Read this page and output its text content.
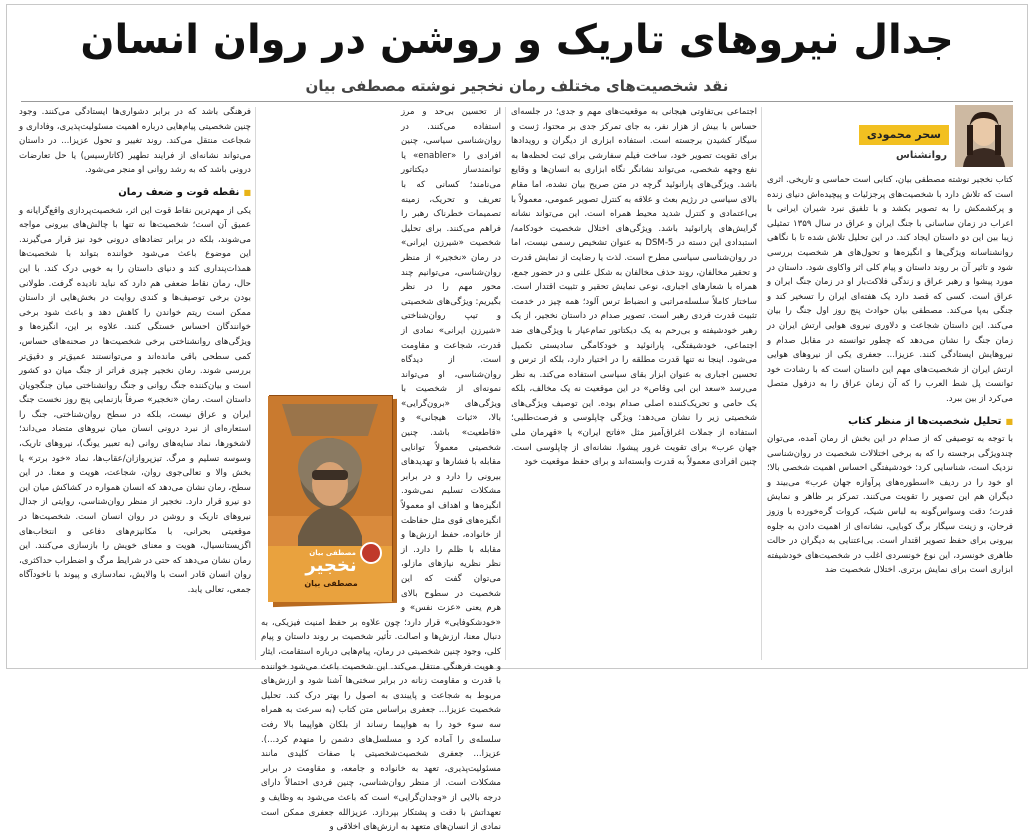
جدال نیروهای تاریک و روشن در روان انسان
نقد شخصیت‌های مختلف رمان نخجیر نوشته مصطفی بیان
سحر محمودی
روانشناس

کتاب نخجیر نوشته مصطفی بیان، کتابی است حماسی و تاریخی. اثری است که تلاش دارد با شخصیت‌های پرجزئیات و پیچیده‌اش دنیای زنده و پرکشمکش را به تصویر بکشد و با تلفیق نبرد شیران ایرانی با اعراب در زمان ساسانی با جنگ ایران و عراق در سال ۱۳۵۹ تمثیلی زیبا بین این دو داستان ایجاد کند. در این تحلیل تلاش شده تا با نگاهی روانشناسانه ویژگی‌ها و انگیزه‌ها و تحول‌های هر شخصیت بررسی شود و تاثیر آن بر روند داستان و پیام کلی اثر واکاوی شود. داستان در مورد پیشوا و رهبر عراق و زندگی فلاکت‌بار او در زمان جنگ ایران و عراق است. کسی که قصد دارد یک هفته‌ای ایران را تسخیر کند و جنگی به‌پا می‌کند. مصطفی بیان حوادث پنج روز اول جنگ را بیان می‌کند. این داستان شجاعت و دلاوری نیروی هوایی ارتش ایران در زمان جنگ را نشان می‌دهد که چطور توانسته در مقابل صدام و نیروهایش ایستادگی کنند. عزیزا... جعفری یکی از نیروهای هوایی ارتش ایران از شخصیت‌های مهم این داستان است که با رشادت خود توانست پل شط العرب را که آن زمان عراق را به دزفول متصل می‌کرد از بین ببرد.

■ تحلیل شخصیت‌ها از منظر کتاب

با توجه به توصیفی که از صدام در این بخش از رمان آمده، می‌توان چندویژگی برجسته را که به برخی اختلالات شخصیت در روان‌شناسی نزدیک است، شناسایی کرد: خودشیفتگی احساس اهمیت شخصی بالا؛ او خود را در ردیف «اسطوره‌های پرآوازه جهان عرب» می‌بیند و دیگران هم این تصویر را تقویت می‌کنند. تمرکز بر ظاهر و نمایش قدرت؛ دقت وسواس‌گونه به لباس شیک، کروات گره‌خورده با وزوز فرحان، و زینت سیگار برگ کوبایی، نشانه‌ای از اهمیت دادن به جلوه بیرونی برای حفظ تصویر اقتدار است. بی‌اعتنایی به دیگران در حالت ظاهری خونسرد، این نوع خونسردی اغلب در شخصیت‌های خودشیفته ابزاری است برای نمایش برتری. اختلال شخصیت ضد

اجتماعی بی‌تفاوتی هیجانی به موقعیت‌های مهم و جدی؛ در جلسه‌ای حساس با بیش از هزار نفر، به جای تمرکز جدی بر محتوا، ژست و سیگار کشیدن برجسته است. استفاده ابزاری از دیگران و رویدادها برای تقویت تصویر خود، ساخت فیلم سفارشی برای ثبت لحظه‌ها به نفع وجهه شخصی، می‌تواند نشانگر نگاه ابزاری به انسان‌ها و وقایع باشد. ویژگی‌های پارانوئید گرچه در متن صریح بیان نشده، اما مقام بالای سیاسی در رژیم بعث و علاقه به کنترل تصویر عمومی، معمولاً با بی‌اعتمادی و کنترل شدید محیط همراه است. این می‌تواند نشانه گرایش‌های پارانوئید باشد. ویژگی‌های اختلال شخصیت خودکامه/استبدادی این دسته در DSM-5 به عنوان تشخیص رسمی نیست، اما در روان‌شناسی سیاسی مطرح است. لذت یا رضایت از نمایش قدرت و تحقیر مخالفان، روند حذف مخالفان به شکل علنی و در حضور جمع، همراه با شعارهای اجباری، نوعی نمایش تحقیر و تثبیت اقتدار است. ساختار کاملاً سلسله‌مراتبی و انضباط ترس آلود؛ همه چیز در خدمت تثبیت قدرت فردی رهبر است. تصویر صدام در داستان نخجیر، از یک رهبر خودشیفته و بی‌رحم به یک دیکتاتور تمام‌عیار با ویژگی‌های ضد اجتماعی، خودشیفتگی، پارانوئید و خودکامگی سادیستی تکمیل می‌شود. اینجا نه تنها قدرت مطلقه را در اختیار دارد، بلکه از ترس و تحسین اجباری به عنوان ابزار بقای سیاسی استفاده می‌کند. به نظر می‌رسد «سعد ابن ابی وقاص» در این موقعیت نه یک مخالف، بلکه یک حامی و تحریک‌کننده اصلی صدام بوده. این توصیف ویژگی‌های شخصیتی زیر را نشان می‌دهد: ویژگی چاپلوسی و فرصت‌طلبی؛ استفاده از جملات اغراق‌آمیز مثل «فاتح ایران» یا «قهرمان ملی جهان عرب» برای تقویت غرور پیشوا. نشانه‌ای از چاپلوسی است. چنین افرادی معمولاً به قدرت وابسته‌اند و برای حفظ موقعیت خود

مصطفی بیان
نخجیر
مصطفی بیان

از تحسین بی‌حد و مرز استفاده می‌کنند. در روان‌شناسی سیاسی، چنین افرادی را «enabler» یا توانمندساز دیکتاتور می‌نامند؛ کسانی که با تعریف و تحریک، زمینه تصمیمات خطرناک رهبر را فراهم می‌کنند. برای تحلیل شخصیت «شیرزن ایرانی» در رمان «نخجیر» از منظر روان‌شناسی، می‌توانیم چند محور مهم را در نظر بگیریم: ویژگی‌های شخصیتی و تیپ روان‌شناختی «شیرزن ایرانی» نمادی از قدرت، شجاعت و مقاومت است. از دیدگاه روان‌شناسی، او می‌تواند نمونه‌ای از شخصیت با ویژگی‌های «برون‌گرایی» بالا، «ثبات هیجانی» و «قاطعیت» باشد. چنین شخصیتی معمولاً توانایی مقابله با فشارها و تهدیدهای بیرونی را دارد و در برابر مشکلات تسلیم نمی‌شود. انگیزه‌ها و اهداف او معمولاً انگیزه‌های قوی مثل حفاظت از خانواده، حفظ ارزش‌ها و مقابله با ظلم را دارد. از نظر نظریه نیازهای مازلو، می‌توان گفت که این شخصیت در سطوح بالای هرم یعنی «عزت نفس» و «خودشکوفایی» قرار دارد؛ چون علاوه بر حفظ امنیت فیزیکی، به دنبال معنا، ارزش‌ها و اصالت. تأثیر شخصیت بر روند داستان و پیام کلی، وجود چنین شخصیتی در رمان، پیام‌هایی درباره استقامت، ایثار و هویت فرهنگی منتقل می‌کند. این شخصیت باعث می‌شود خواننده با قدرت و مقاومت زنانه در برابر سختی‌ها آشنا شود و ارزش‌های مربوط به شجاعت و پایبندی به اصول را بهتر درک کند. تحلیل شخصیت عزیزا... جعفری براساس متن کتاب (به سرعت به همراه سه سوء خود را به هواپیما رساند از بلکان هواپیما بالا رفت سلسله‌ی را آماده کرد و مسلسل‌های دشمن را منهدم کرد...). عزیزا... جعفری شخصیت‌شخصیتی با صفات کلیدی مانند مسئولیت‌پذیری، تعهد به خانواده و جامعه، و مقاومت در برابر مشکلات است. از منظر روان‌شناسی، چنین فردی احتمالاً دارای درجه بالایی از «وجدان‌گرایی» است که باعث می‌شود به وظایف و تعهداتش با دقت و پشتکار بپردازد. عزیزالله جعفری ممکن است نمادی از انسان‌های متعهد به ارزش‌های اخلاقی و

فرهنگی باشد که در برابر دشواری‌ها ایستادگی می‌کنند. وجود چنین شخصیتی پیام‌هایی درباره اهمیت مسئولیت‌پذیری، وفاداری و شجاعت منتقل می‌کند. روند تغییر و تحول عزیزا... در داستان می‌تواند نشانه‌ای از فرایند تطهیر (کاتارسیس) یا حل تعارضات درونی باشد که به رشد روانی او منجر می‌شود.

■ نقطه قوت و ضعف رمان

یکی از مهم‌ترین نقاط قوت این اثر، شخصیت‌پردازی واقع‌گرایانه و عمیق آن است؛ شخصیت‌ها نه تنها با چالش‌های بیرونی مواجه می‌شوند، بلکه در برابر تضادهای درونی خود نیز قرار می‌گیرند. این موضوع باعث می‌شود خواننده بتواند با شخصیت‌ها همذات‌پنداری کند و دنیای داستان را به خوبی درک کند. با این حال، رمان نقاط ضعفی هم دارد که نباید نادیده گرفت. طولانی بودن برخی توصیف‌ها و کندی روایت در بخش‌هایی از داستان ممکن است ریتم خواندن را کاهش دهد و باعث شود برخی خوانندگان احساس خستگی کنند. علاوه بر این، انگیزه‌ها و ویژگی‌های روانشناختی برخی شخصیت‌ها در صحنه‌های حساس، کمی سطحی باقی مانده‌اند و می‌توانستند عمیق‌تر و دقیق‌تر بررسی شوند. رمان نخجیر چیزی فراتر از جنگ میان دو کشور است و بیان‌کننده جنگ روانی و جنگ روانشناختی میان جنگجویان داستان است. رمان «نخجیر» صرفاً بازنمایی پنج روز نخست جنگ ایران و عراق نیست، بلکه در سطح روان‌شناختی، جنگ را استعاره‌ای از نبرد درونی انسان میان نیروهای متضاد می‌داند؛ لاشخورها، نماد سایه‌های روانی (به تعبیر یونگ)، نیروهای تاریک، وسوسه تسلیم و مرگ. تیزپروازان/عقاب‌ها، نماد «خود برتر» یا بخش والا و تعالی‌جوی روان، شجاعت، هویت و معنا. در این سطح، رمان نشان می‌دهد که انسان همواره در کشاکش میان این دو نیرو قرار دارد. نخجیر از منظر روان‌شناسی، روایتی از جدال نیروهای تاریک و روشن در روان انسان است. شخصیت‌ها در موقعیتی بحرانی، با مکانیزم‌های دفاعی و انتخاب‌های اگزیستانسیال، هویت و معنای خویش را بازسازی می‌کنند. این رمان نشان می‌دهد که حتی در شرایط مرگ و اضطراب حداکثری، روان انسان قادر است با والایش، نمادسازی و پیوند با ناخودآگاه جمعی، تعالی یابد.
